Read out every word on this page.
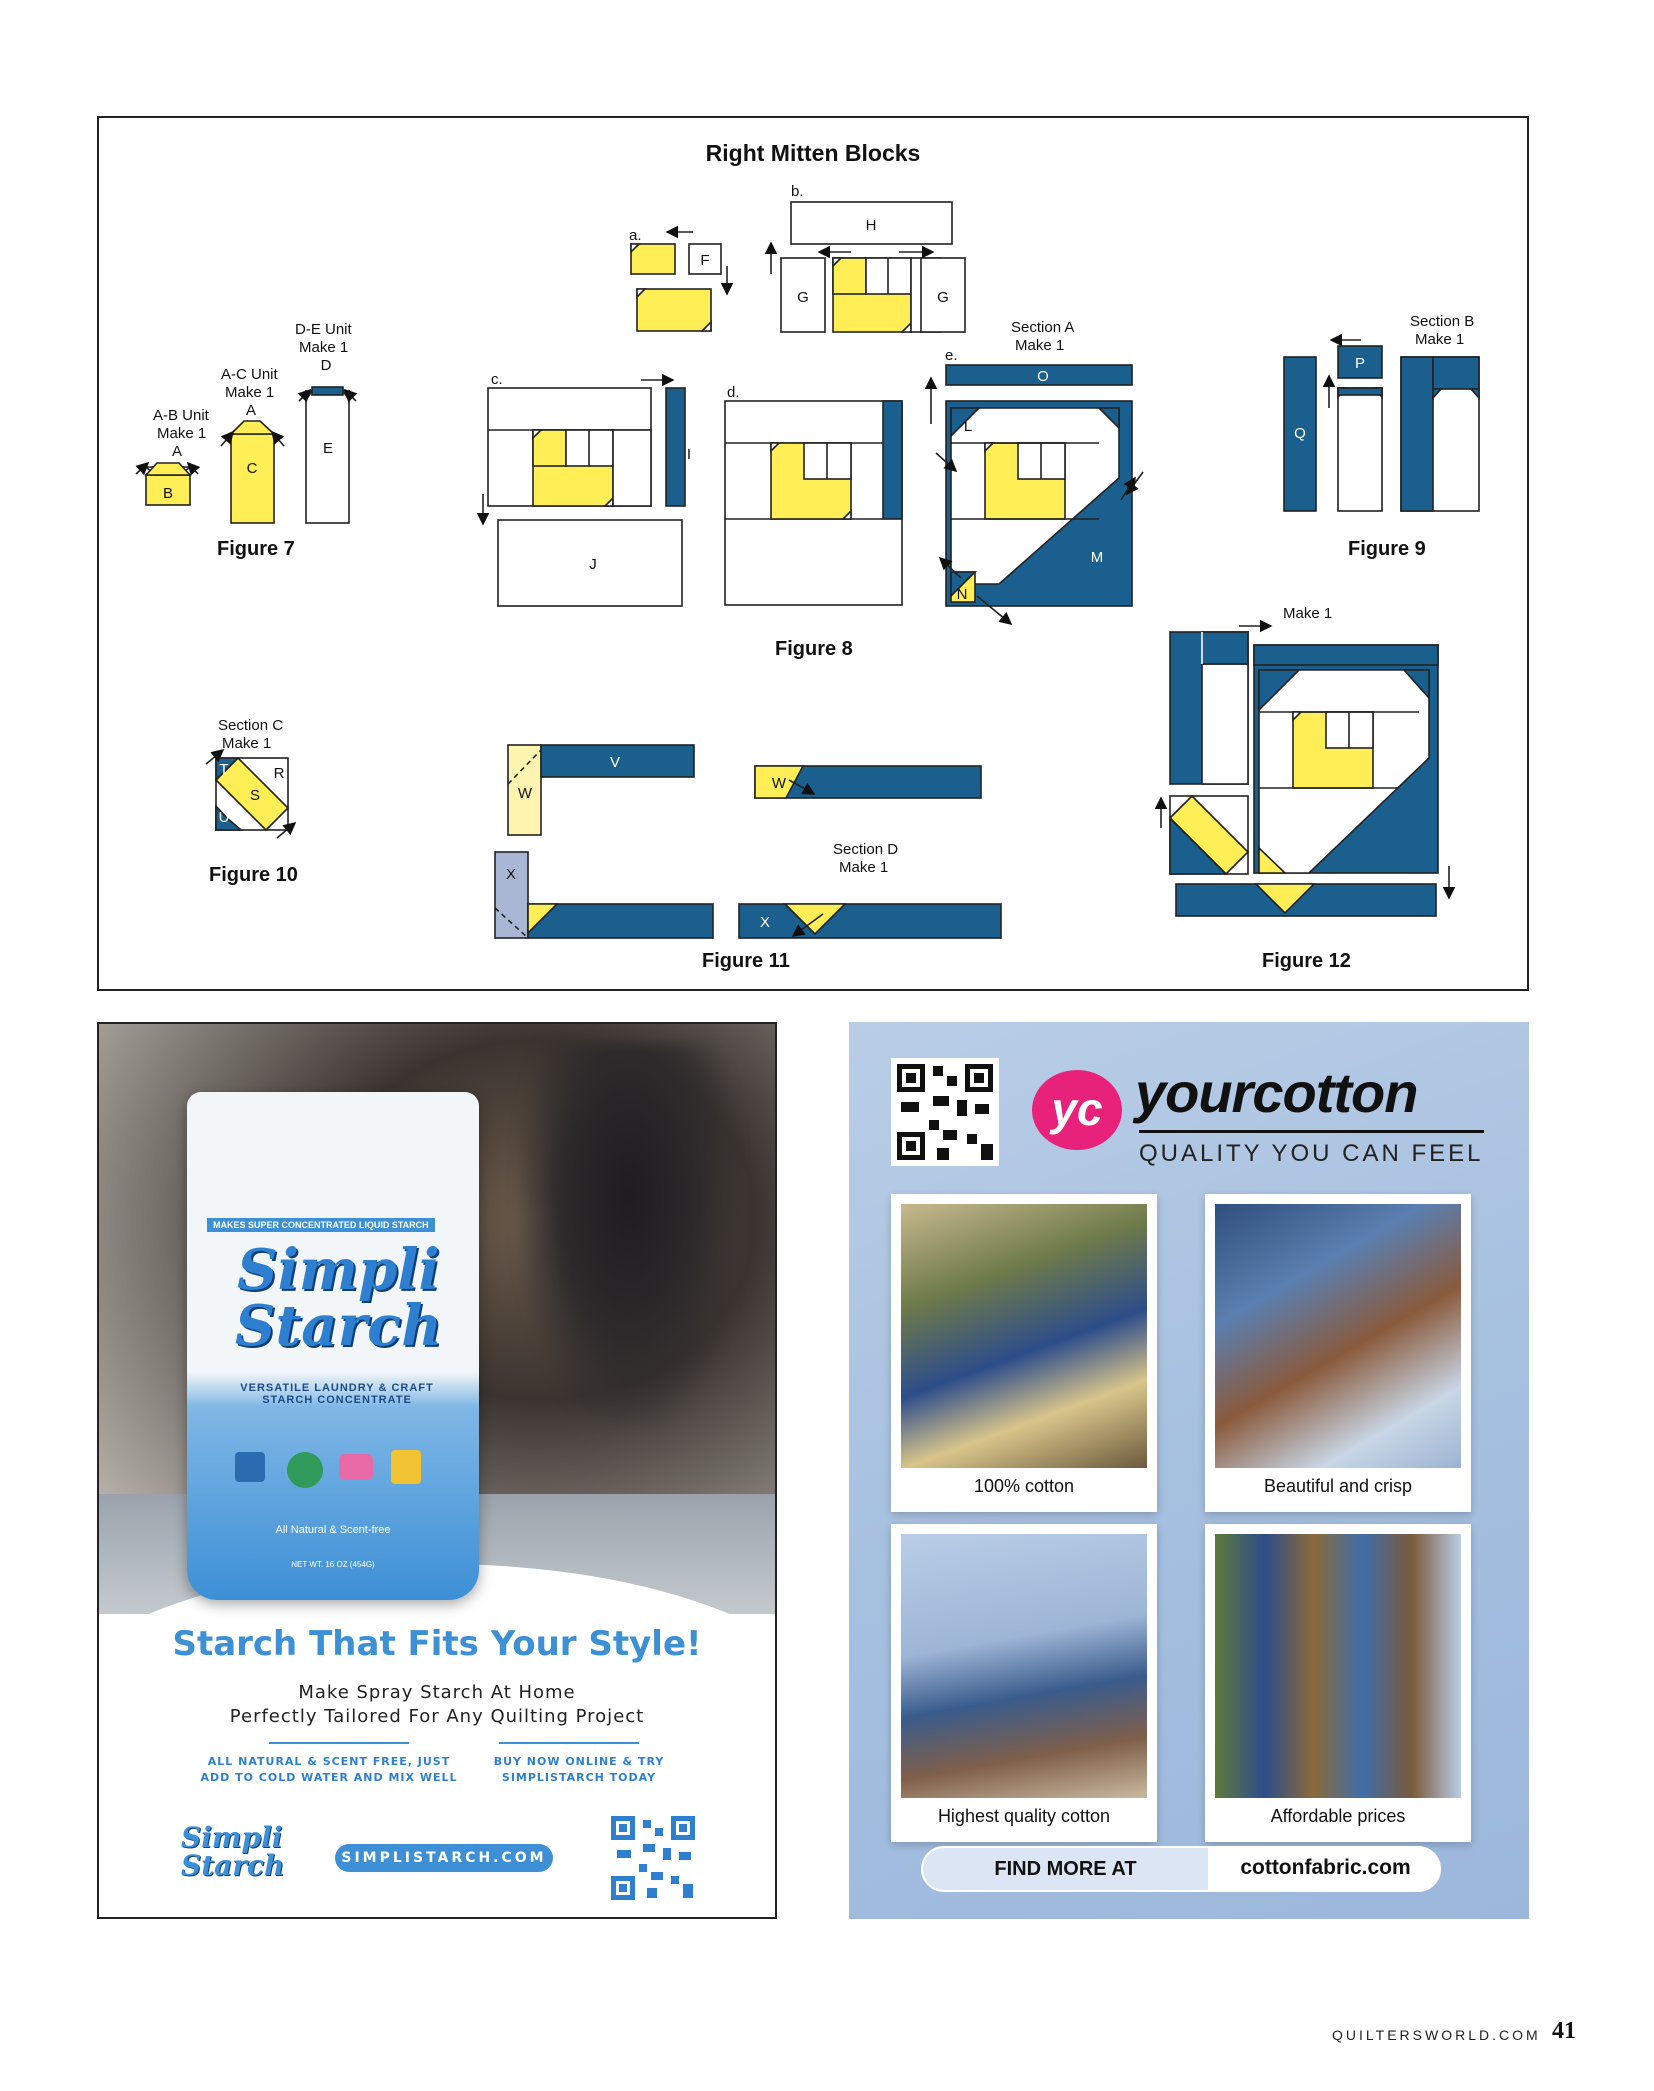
Right Mitten Blocks
A-B Unit
Make 1
A
B
A-C Unit
Make 1
A
C
D-E Unit
Make 1
D
E
a.
F
b.
H
G	G
c.
I
J
d.
e.
Section A
Make 1
O
L	K
M
N
Section B
Make 1
P
Q
Section C
Make 1
T	R
S
U
V
W
W
X
Section D
Make 1
X
Make 1
Figure 7
Figure 8
Figure 9
Figure 10
Figure 11	Figure 12
MAKES SUPER CONCENTRATED LIQUID STARCH
Simpli
Starch
VERSATILE LAUNDRY & CRAFT STARCH CONCENTRATE
All Natural & Scent-free
NET WT. 16 OZ (454G)
Starch That Fits Your Style!
Make Spray Starch At Home
Perfectly Tailored For Any Quilting Project
ALL NATURAL & SCENT FREE, JUST
ADD TO COLD WATER AND MIX WELL
BUY NOW ONLINE & TRY
SIMPLISTARCH TODAY
Simpli
Starch	SIMPLISTARCH.COM
yc yourcotton
QUALITY YOU CAN FEEL
100% cotton	Beautiful and crisp
Highest quality cotton	Affordable prices
FIND MORE AT	cottonfabric.com
QUILTERSWORLD.COM 41
